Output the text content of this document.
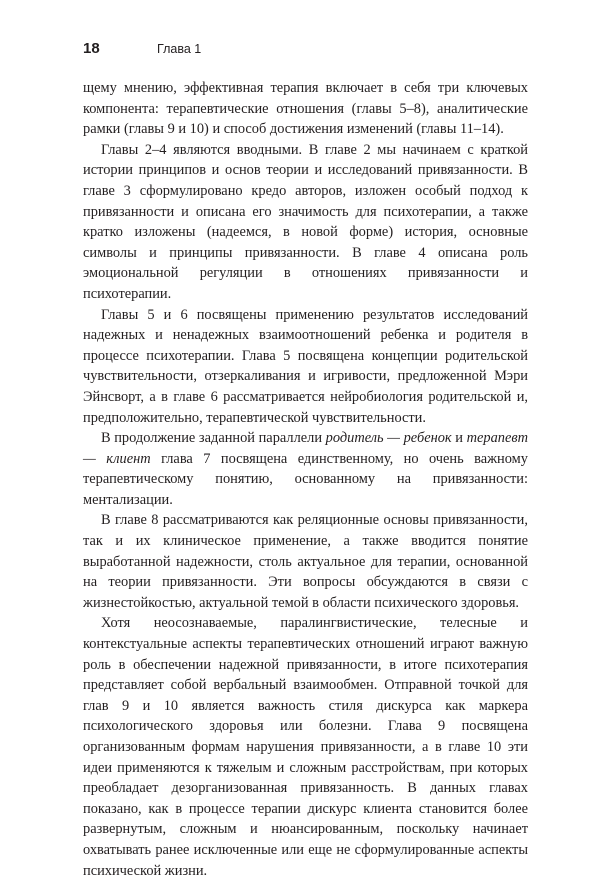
18	Глава 1

щему мнению, эффективная терапия включает в себя три ключевых компонента: терапевтические отношения (главы 5–8), аналитические рамки (главы 9 и 10) и способ достижения изменений (главы 11–14).

Главы 2–4 являются вводными. В главе 2 мы начинаем с краткой истории принципов и основ теории и исследований привязанности. В главе 3 сформулировано кредо авторов, изложен особый подход к привязанности и описана его значимость для психотерапии, а также кратко изложены (надеемся, в новой форме) история, основные символы и принципы привязанности. В главе 4 описана роль эмоциональной регуляции в отношениях привязанности и психотерапии.

Главы 5 и 6 посвящены применению результатов исследований надежных и ненадежных взаимоотношений ребенка и родителя в процессе психотерапии. Глава 5 посвящена концепции родительской чувствительности, отзеркаливания и игривости, предложенной Мэри Эйнсворт, а в главе 6 рассматривается нейробиология родительской и, предположительно, терапевтической чувствительности.

В продолжение заданной параллели родитель — ребенок и терапевт — клиент глава 7 посвящена единственному, но очень важному терапевтическому понятию, основанному на привязанности: ментализации.

В главе 8 рассматриваются как реляционные основы привязанности, так и их клиническое применение, а также вводится понятие выработанной надежности, столь актуальное для терапии, основанной на теории привязанности. Эти вопросы обсуждаются в связи с жизнестойкостью, актуальной темой в области психического здоровья.

Хотя неосознаваемые, паралингвистические, телесные и контекстуальные аспекты терапевтических отношений играют важную роль в обеспечении надежной привязанности, в итоге психотерапия представляет собой вербальный взаимообмен. Отправной точкой для глав 9 и 10 является важность стиля дискурса как маркера психологического здоровья или болезни. Глава 9 посвящена организованным формам нарушения привязанности, а в главе 10 эти идеи применяются к тяжелым и сложным расстройствам, при которых преобладает дезорганизованная привязанность. В данных главах показано, как в процессе терапии дискурс клиента становится более развернутым, сложным и нюансированным, поскольку начинает охватывать ранее исключенные или еще не сформулированные аспекты психической жизни.
